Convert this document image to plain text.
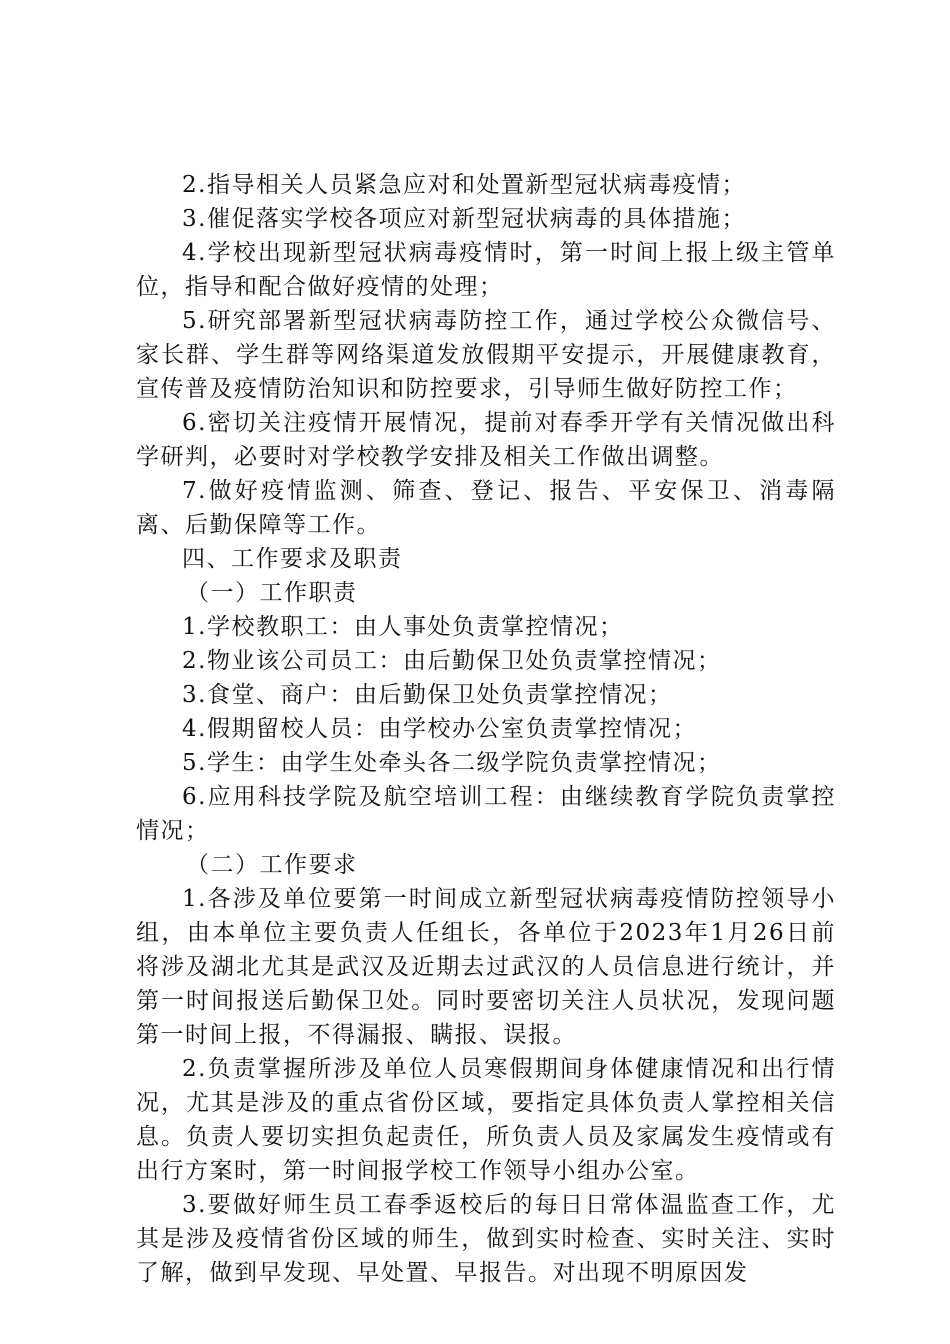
2.指导相关人员紧急应对和处置新型冠状病毒疫情；

3.催促落实学校各项应对新型冠状病毒的具体措施；

4.学校出现新型冠状病毒疫情时，第一时间上报上级主管单位，指导和配合做好疫情的处理；

5.研究部署新型冠状病毒防控工作，通过学校公众微信号、家长群、学生群等网络渠道发放假期平安提示，开展健康教育，宣传普及疫情防治知识和防控要求，引导师生做好防控工作；

6.密切关注疫情开展情况，提前对春季开学有关情况做出科学研判，必要时对学校教学安排及相关工作做出调整。

7.做好疫情监测、筛查、登记、报告、平安保卫、消毒隔离、后勤保障等工作。

四、工作要求及职责

（一）工作职责

1.学校教职工：由人事处负责掌控情况；

2.物业该公司员工：由后勤保卫处负责掌控情况；

3.食堂、商户：由后勤保卫处负责掌控情况；

4.假期留校人员：由学校办公室负责掌控情况；

5.学生：由学生处牵头各二级学院负责掌控情况；

6.应用科技学院及航空培训工程：由继续教育学院负责掌控情况；

（二）工作要求

1.各涉及单位要第一时间成立新型冠状病毒疫情防控领导小组，由本单位主要负责人任组长，各单位于2023年1月26日前将涉及湖北尤其是武汉及近期去过武汉的人员信息进行统计，并第一时间报送后勤保卫处。同时要密切关注人员状况，发现问题第一时间上报，不得漏报、瞒报、误报。

2.负责掌握所涉及单位人员寒假期间身体健康情况和出行情况，尤其是涉及的重点省份区域，要指定具体负责人掌控相关信息。负责人要切实担负起责任，所负责人员及家属发生疫情或有出行方案时，第一时间报学校工作领导小组办公室。

3.要做好师生员工春季返校后的每日日常体温监查工作，尤其是涉及疫情省份区域的师生，做到实时检查、实时关注、实时了解，做到早发现、早处置、早报告。对出现不明原因发
